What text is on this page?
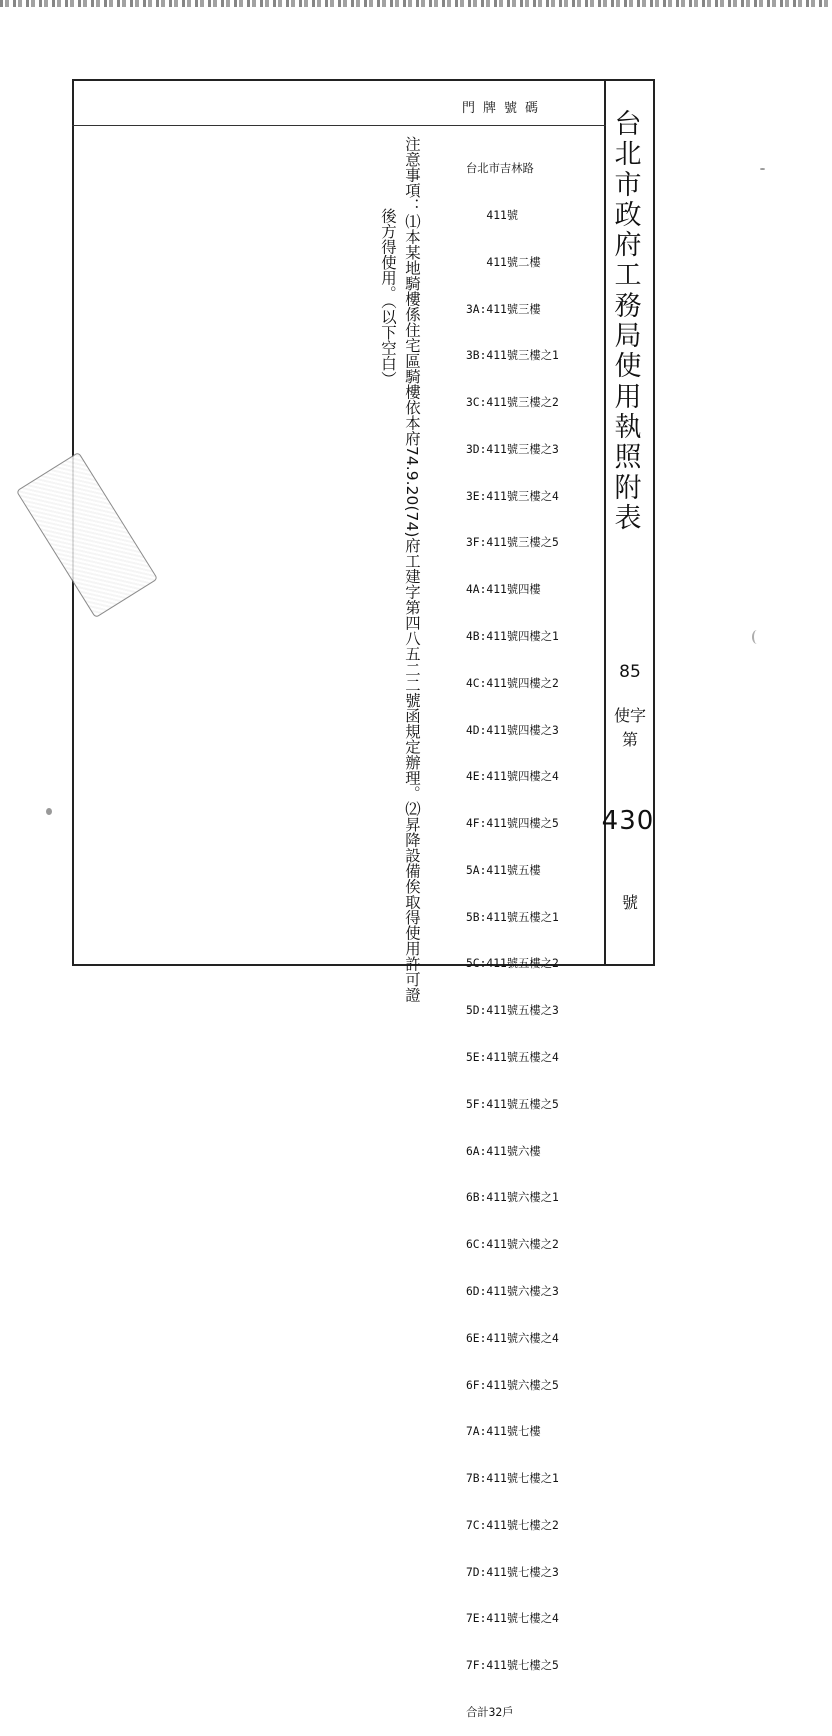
門牌號碼
台北市政府工務局使用執照附表
85
使字第
430
號

台北市吉林路

411號

411號二樓

3A:411號三樓

3B:411號三樓之1

3C:411號三樓之2

3D:411號三樓之3

3E:411號三樓之4

3F:411號三樓之5

4A:411號四樓

4B:411號四樓之1

4C:411號四樓之2

4D:411號四樓之3

4E:411號四樓之4

4F:411號四樓之5

5A:411號五樓

5B:411號五樓之1

5C:411號五樓之2

5D:411號五樓之3

5E:411號五樓之4

5F:411號五樓之5

6A:411號六樓

6B:411號六樓之1

6C:411號六樓之2

6D:411號六樓之3

6E:411號六樓之4

6F:411號六樓之5

7A:411號七樓

7B:411號七樓之1

7C:411號七樓之2

7D:411號七樓之3

7E:411號七樓之4

7F:411號七樓之5

合計32戶

注意事項：⑴本某地騎樓係住宅區騎樓依本府74.9.20(74)府工建字第四八五二二號函規定辦理。⑵昇降設備俟取得使用許可證
後方得使用。（以下空白）
